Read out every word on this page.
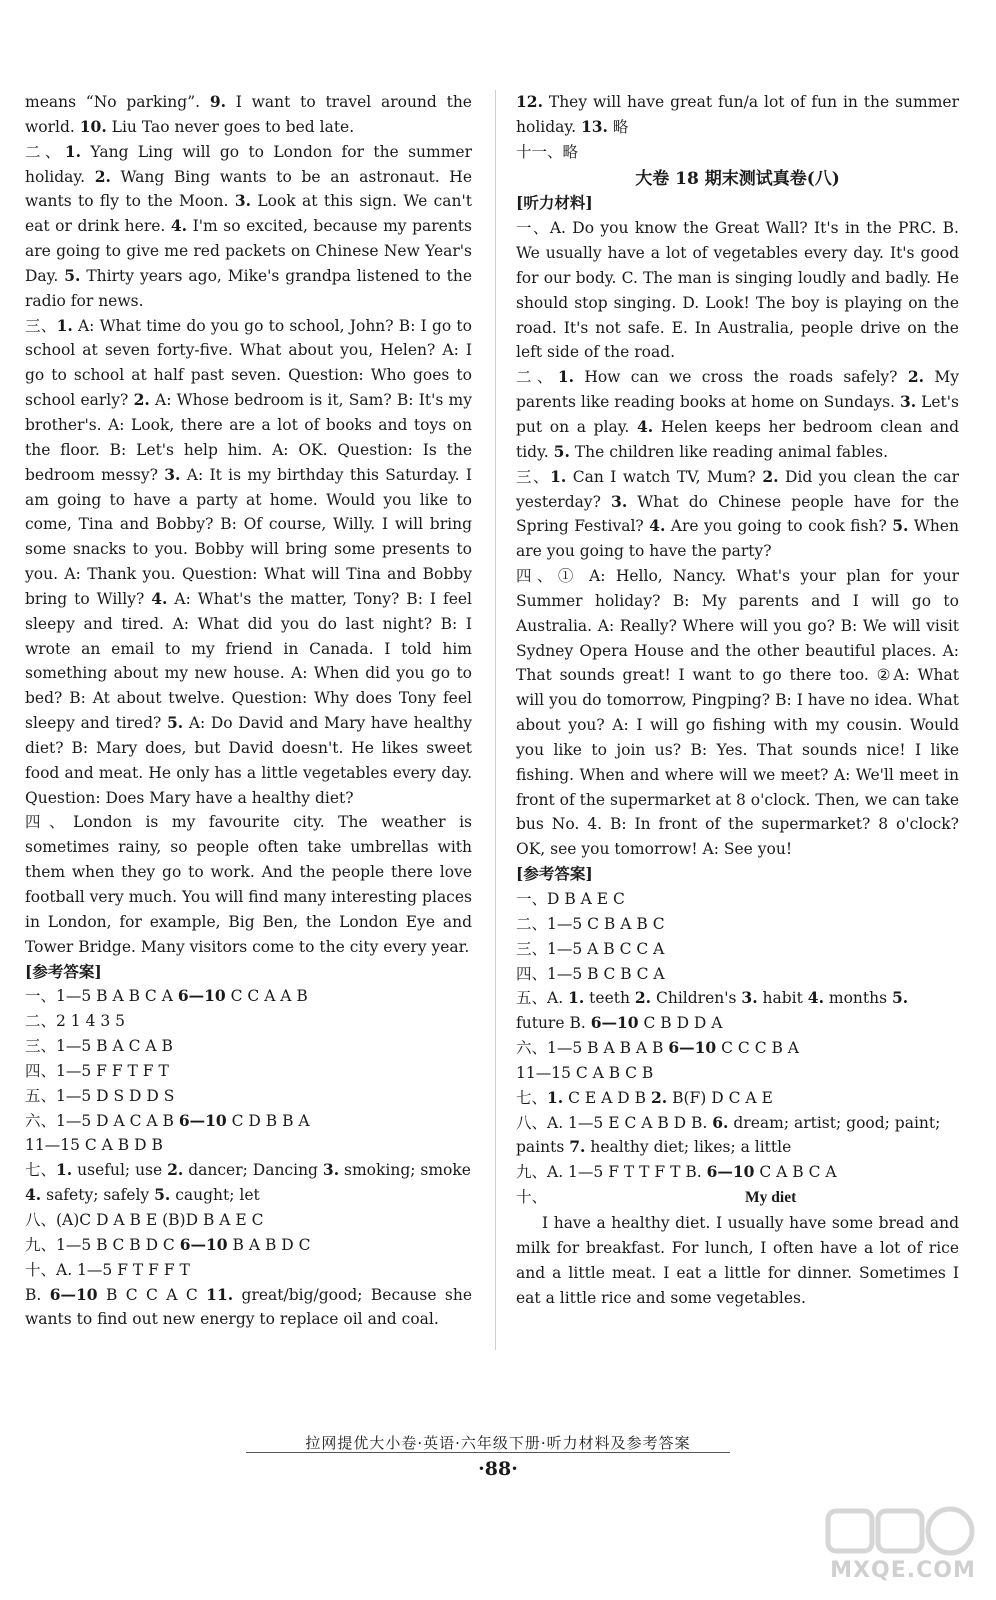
means “No parking”. 9. I want to travel around the world. 10. Liu Tao never goes to bed late.

二、1. Yang Ling will go to London for the summer holiday. 2. Wang Bing wants to be an astronaut. He wants to fly to the Moon. 3. Look at this sign. We can't eat or drink here. 4. I'm so excited, because my parents are going to give me red packets on Chinese New Year's Day. 5. Thirty years ago, Mike's grandpa listened to the radio for news.

三、1. A: What time do you go to school, John? B: I go to school at seven forty-five. What about you, Helen? A: I go to school at half past seven. Question: Who goes to school early? 2. A: Whose bedroom is it, Sam? B: It's my brother's. A: Look, there are a lot of books and toys on the floor. B: Let's help him. A: OK. Question: Is the bedroom messy? 3. A: It is my birthday this Saturday. I am going to have a party at home. Would you like to come, Tina and Bobby? B: Of course, Willy. I will bring some snacks to you. Bobby will bring some presents to you. A: Thank you. Question: What will Tina and Bobby bring to Willy? 4. A: What's the matter, Tony? B: I feel sleepy and tired. A: What did you do last night? B: I wrote an email to my friend in Canada. I told him something about my new house. A: When did you go to bed? B: At about twelve. Question: Why does Tony feel sleepy and tired? 5. A: Do David and Mary have healthy diet? B: Mary does, but David doesn't. He likes sweet food and meat. He only has a little vegetables every day. Question: Does Mary have a healthy diet?

四、London is my favourite city. The weather is sometimes rainy, so people often take umbrellas with them when they go to work. And the people there love football very much. You will find many interesting places in London, for example, Big Ben, the London Eye and Tower Bridge. Many visitors come to the city every year.

[参考答案]

一、1—5 B A B C A 6—10 C C A A B

二、2 1 4 3 5

三、1—5 B A C A B

四、1—5 F F T F T

五、1—5 D S D D S

六、1—5 D A C A B 6—10 C D B B A

11—15 C A B D B

七、1. useful; use 2. dancer; Dancing 3. smoking; smoke 4. safety; safely 5. caught; let

八、(A)C D A B E (B)D B A E C

九、1—5 B C B D C 6—10 B A B D C

十、A. 1—5 F T F F T

B. 6—10 B C C A C 11. great/big/good; Because she wants to find out new energy to replace oil and coal.

12. They will have great fun/a lot of fun in the summer holiday. 13. 略

十一、略

大卷 18 期末测试真卷(八)

[听力材料]

一、A. Do you know the Great Wall? It's in the PRC. B. We usually have a lot of vegetables every day. It's good for our body. C. The man is singing loudly and badly. He should stop singing. D. Look! The boy is playing on the road. It's not safe. E. In Australia, people drive on the left side of the road.

二、1. How can we cross the roads safely? 2. My parents like reading books at home on Sundays. 3. Let's put on a play. 4. Helen keeps her bedroom clean and tidy. 5. The children like reading animal fables.

三、1. Can I watch TV, Mum? 2. Did you clean the car yesterday? 3. What do Chinese people have for the Spring Festival? 4. Are you going to cook fish? 5. When are you going to have the party?

四、① A: Hello, Nancy. What's your plan for your Summer holiday? B: My parents and I will go to Australia. A: Really? Where will you go? B: We will visit Sydney Opera House and the other beautiful places. A: That sounds great! I want to go there too. ②A: What will you do tomorrow, Pingping? B: I have no idea. What about you? A: I will go fishing with my cousin. Would you like to join us? B: Yes. That sounds nice! I like fishing. When and where will we meet? A: We'll meet in front of the supermarket at 8 o'clock. Then, we can take bus No. 4. B: In front of the supermarket? 8 o'clock? OK, see you tomorrow! A: See you!

[参考答案]

一、D B A E C

二、1—5 C B A B C

三、1—5 A B C C A

四、1—5 B C B C A

五、A. 1. teeth 2. Children's 3. habit 4. months 5. future B. 6—10 C B D D A

六、1—5 B A B A B 6—10 C C C B A

11—15 C A B C B

七、1. C E A D B 2. B(F) D C A E

八、A. 1—5 E C A B D B. 6. dream; artist; good; paint; paints 7. healthy diet; likes; a little

九、A. 1—5 F T T F T B. 6—10 C A B C A

十、	My diet

I have a healthy diet. I usually have some bread and milk for breakfast. For lunch, I often have a lot of rice and a little meat. I eat a little for dinner. Sometimes I eat a little rice and some vegetables.

拉网提优大小卷·英语·六年级下册·听力材料及参考答案
·88·
MXQE.COM
